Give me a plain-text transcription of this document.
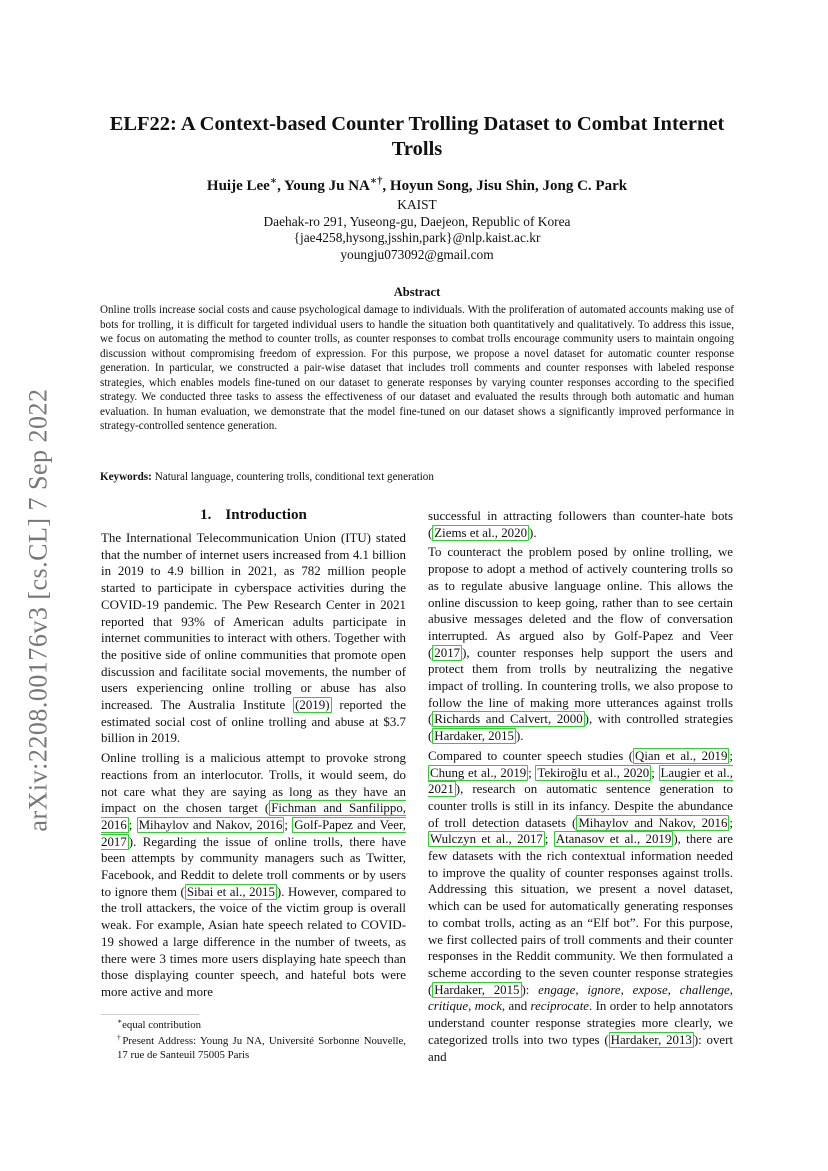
arXiv:2208.00176v3 [cs.CL] 7 Sep 2022
ELF22: A Context-based Counter Trolling Dataset to Combat Internet Trolls
Huije Lee∗, Young Ju NA∗†, Hoyun Song, Jisu Shin, Jong C. Park
KAIST
Daehak-ro 291, Yuseong-gu, Daejeon, Republic of Korea
{jae4258,hysong,jsshin,park}@nlp.kaist.ac.kr
youngju073092@gmail.com
Abstract
Online trolls increase social costs and cause psychological damage to individuals. With the proliferation of automated accounts making use of bots for trolling, it is difficult for targeted individual users to handle the situation both quantitatively and qualitatively. To address this issue, we focus on automating the method to counter trolls, as counter responses to combat trolls encourage community users to maintain ongoing discussion without compromising freedom of expression. For this purpose, we propose a novel dataset for automatic counter response generation. In particular, we constructed a pair-wise dataset that includes troll comments and counter responses with labeled response strategies, which enables models fine-tuned on our dataset to generate responses by varying counter responses according to the specified strategy. We conducted three tasks to assess the effectiveness of our dataset and evaluated the results through both automatic and human evaluation. In human evaluation, we demonstrate that the model fine-tuned on our dataset shows a significantly improved performance in strategy-controlled sentence generation.
Keywords: Natural language, countering trolls, conditional text generation
1. Introduction

The International Telecommunication Union (ITU) stated that the number of internet users increased from 4.1 billion in 2019 to 4.9 billion in 2021, as 782 million people started to participate in cyberspace activities during the COVID-19 pandemic. The Pew Research Center in 2021 reported that 93% of American adults participate in internet communities to interact with others. Together with the positive side of online communities that promote open discussion and facilitate social movements, the number of users experiencing online trolling or abuse has also increased. The Australia Institute (2019) reported the estimated social cost of online trolling and abuse at $3.7 billion in 2019.

Online trolling is a malicious attempt to provoke strong reactions from an interlocutor. Trolls, it would seem, do not care what they are saying as long as they have an impact on the chosen target ( Fichman and Sanfilippo, 2016 ; Mihaylov and Nakov, 2016 ; Golf-Papez and Veer, 2017 ). Regarding the issue of online trolls, there have been attempts by community managers such as Twitter, Facebook, and Reddit to delete troll comments or by users to ignore them ( Sibai et al., 2015 ). However, compared to the troll attackers, the voice of the victim group is overall weak. For example, Asian hate speech related to COVID-19 showed a large difference in the number of tweets, as there were 3 times more users displaying hate speech than those displaying counter speech, and hateful bots were more active and more

∗equal contribution
†Present Address: Young Ju NA, Université Sorbonne Nouvelle, 17 rue de Santeuil 75005 Paris

successful in attracting followers than counter-hate bots ( Ziems et al., 2020 ).

To counteract the problem posed by online trolling, we propose to adopt a method of actively countering trolls so as to regulate abusive language online. This allows the online discussion to keep going, rather than to see certain abusive messages deleted and the flow of conversation interrupted. As argued also by Golf-Papez and Veer ( 2017 ), counter responses help support the users and protect them from trolls by neutralizing the negative impact of trolling. In countering trolls, we also propose to follow the line of making more utterances against trolls ( Richards and Calvert, 2000 ), with controlled strategies ( Hardaker, 2015 ).

Compared to counter speech studies ( Qian et al., 2019 ; Chung et al., 2019 ; Tekiroğlu et al., 2020 ; Laugier et al., 2021 ), research on automatic sentence generation to counter trolls is still in its infancy. Despite the abundance of troll detection datasets ( Mihaylov and Nakov, 2016 ; Wulczyn et al., 2017 ; Atanasov et al., 2019 ), there are few datasets with the rich contextual information needed to improve the quality of counter responses against trolls. Addressing this situation, we present a novel dataset, which can be used for automatically generating responses to combat trolls, acting as an “Elf bot”. For this purpose, we first collected pairs of troll comments and their counter responses in the Reddit community. We then formulated a scheme according to the seven counter response strategies ( Hardaker, 2015 ): engage, ignore, expose, challenge, critique, mock, and reciprocate. In order to help annotators understand counter response strategies more clearly, we categorized trolls into two types ( Hardaker, 2013 ): overt and
